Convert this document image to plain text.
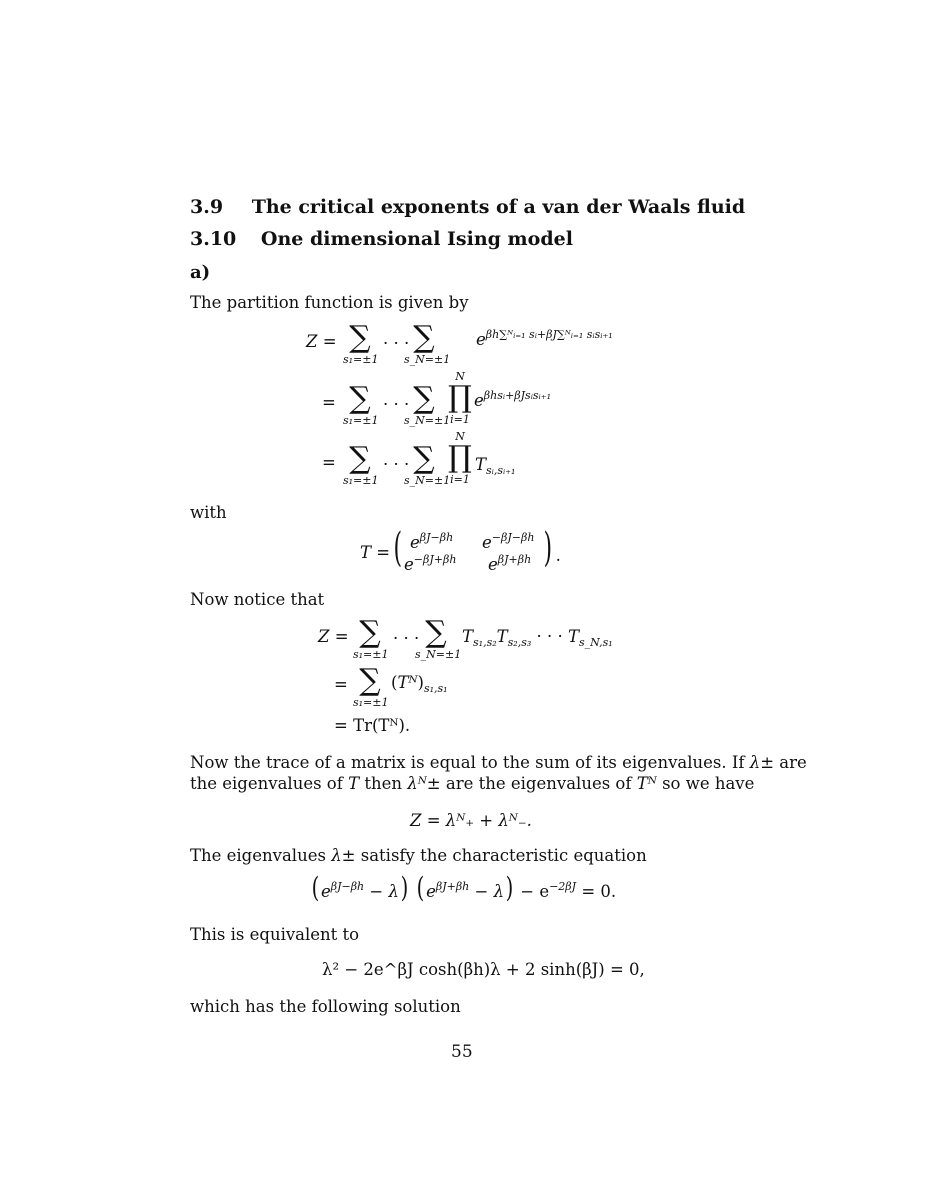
3.9 The critical exponents of a van der Waals fluid
3.10 One dimensional Ising model
a)
The partition function is given by
Z = ∑
s₁=±1
· · · ∑
s_N=±1
$e^{\beta h\sum ᴺᵢ_{=1} sᵢ+\beta J\sum ᴺᵢ_{=1} sᵢsᵢ_{+1}}$
= ∑
s₁=±1
· · · ∑
s_N=±1
N
∏
i=1
$e^{\beta hsᵢ+\beta Jsᵢsᵢ_{+1}}$
= ∑
s₁=±1
· · · ∑
s_N=±1
N
∏
i=1
$T_{sᵢ,sᵢ_{+1}}$
with
T = ( $e^{\beta J-\beta h}$ $e^{-\beta J-\beta h}$
$e^{-\beta J+\beta h}$ $e^{\beta J+\beta h}$ ) .
Now notice that
Z = ∑
s₁=±1
· · · ∑
s_N=±1
$T_{s_1,s_2}T_{s_2,s_3}$ · · · $T_{s\_N,s_1}$
= ∑
s₁=±1
$(Tᴺ)_{s_1,s_1}$
= Tr(Tᴺ).
Now the trace of a matrix is equal to the sum of its eigenvalues. If λ± are
the eigenvalues of T then λᴺ± are the eigenvalues of Tᴺ so we have
Z = λᴺ₊ + λᴺ₋.
The eigenvalues λ± satisfy the characteristic equation
$(e^{\beta J-\beta h} - \lambda) (e^{\beta J+\beta h} - \lambda) - e^{-2\beta J} = 0$.
This is equivalent to
λ² − 2e^βJ cosh(βh)λ + 2 sinh(βJ) = 0,
which has the following solution
55
